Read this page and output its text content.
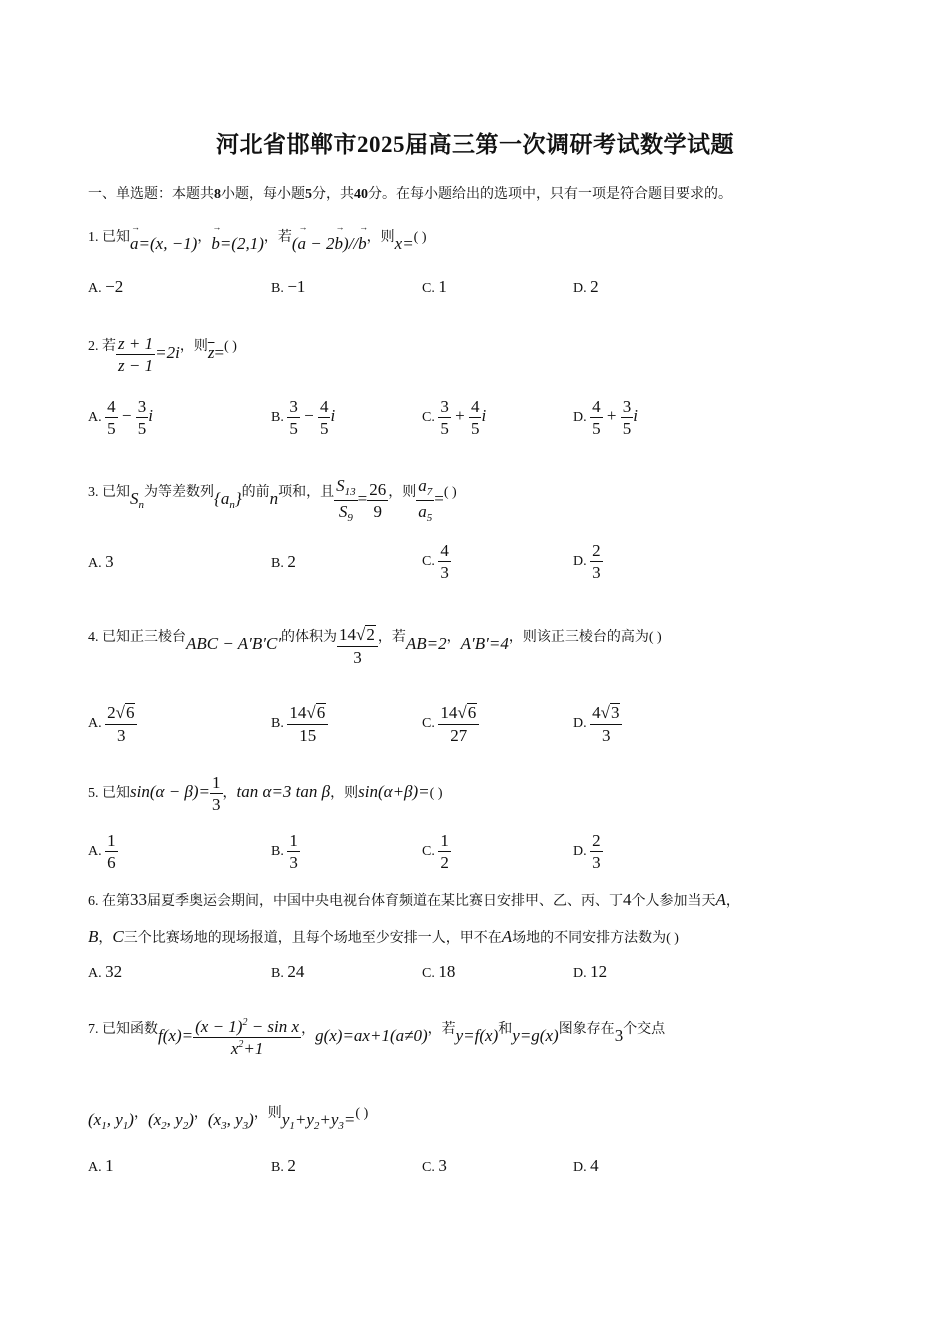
河北省邯郸市2025届高三第一次调研考试数学试题
一、单选题：本题共8小题，每小题5分，共40分。在每小题给出的选项中，只有一项是符合题目要求的。
1. 已知→ a=(x, −1)，→ b=(2,1)，若(→ a − 2→ b)//→ b，则x=( )
A. −2	B. −1	C. 1	D. 2
2. 若 $\frac{z + 1}{z - 1} =2i$，则$\overline{z}=$( )
A. $\frac{4}{5} - \frac{3}{5}$ i	B. $\frac{3}{5} - \frac{4}{5}$ i	C. $\frac{3}{5} + \frac{4}{5}$ i	D. $\frac{4}{5} + \frac{3}{5}$ i
3. 已知$S_n$为等差数列$\{a_n\}$的前n项和，且 $\frac{S_{13}}{S_9} = \frac{26}{9}$ ，则 $\frac{a_7}{a_5}$ =( )
A. 3	B. 2	C. $\frac{4}{3}$	D. $\frac{2}{3}$
4. 已知正三棱台ABC − A′B′C′的体积为 $\frac{14√2}{3}$ ，若AB=2，A′B′=4，则该正三棱台的高为( )
A. $\frac{2√6}{3}$	B. $\frac{14√6}{15}$	C. $\frac{14√6}{27}$	D. $\frac{4√3}{3}$
5. 已知$\sin(\alpha - \beta)= \frac{1}{3}$ ，tan α=3 tan β，则sin(α+β)=( )
A. $\frac{1}{6}$	B. $\frac{1}{3}$	C. $\frac{1}{2}$	D. $\frac{2}{3}$
6. 在第33届夏季奥运会期间，中国中央电视台体育频道在某比赛日安排甲、乙、丙、丁4个人参加当天A，
B，C三个比赛场地的现场报道，且每个场地至少安排一人，甲不在A场地的不同安排方法数为( )
A. 32	B. 24	C. 18	D. 12
7. 已知函数$f(x)= \frac{(x - 1)^2 - \sin x}{x^2+1}$ ，g(x)=ax+1(a≠0)，若y=f(x)和y=g(x)图象存在3个交点
($x_1$, $y_1$)，($x_2$, $y_2$)，($x_3$, $y_3$)，则$y_1+y_2+y_3=$( )
A. 1	B. 2	C. 3	D. 4
